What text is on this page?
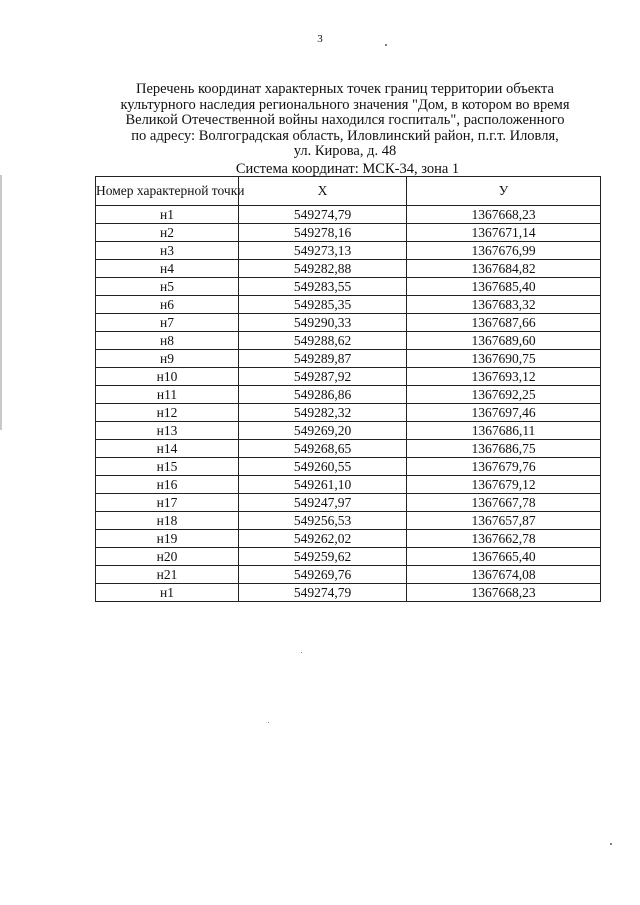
3
Перечень координат характерных точек границ территории объекта
культурного наследия регионального значения "Дом, в котором во время
Великой Отечественной войны находился госпиталь", расположенного
по адресу: Волгоградская область, Иловлинский район, п.г.т. Иловля,
ул. Кирова, д. 48
Система координат: МСК-34, зона 1
Номер характерной точки	X	У
н1	549274,79	1367668,23
н2	549278,16	1367671,14
н3	549273,13	1367676,99
н4	549282,88	1367684,82
н5	549283,55	1367685,40
н6	549285,35	1367683,32
н7	549290,33	1367687,66
н8	549288,62	1367689,60
н9	549289,87	1367690,75
н10	549287,92	1367693,12
н11	549286,86	1367692,25
н12	549282,32	1367697,46
н13	549269,20	1367686,11
н14	549268,65	1367686,75
н15	549260,55	1367679,76
н16	549261,10	1367679,12
н17	549247,97	1367667,78
н18	549256,53	1367657,87
н19	549262,02	1367662,78
н20	549259,62	1367665,40
н21	549269,76	1367674,08
н1	549274,79	1367668,23
